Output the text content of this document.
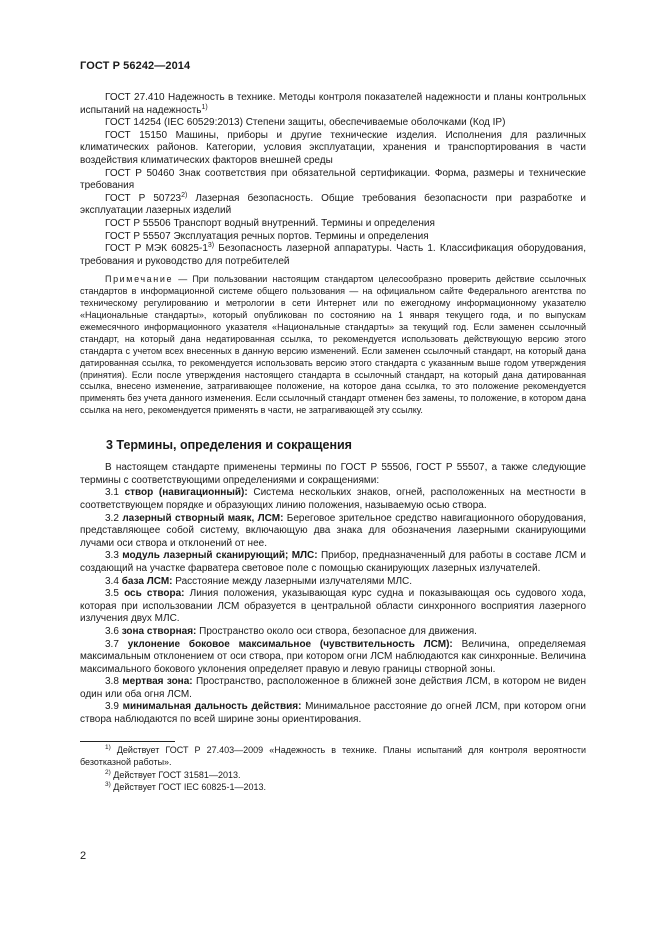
ГОСТ Р 56242—2014

ГОСТ 27.410 Надежность в технике. Методы контроля показателей надежности и планы контрольных испытаний на надежность$^{1)}$

ГОСТ 14254 (IEC 60529:2013) Степени защиты, обеспечиваемые оболочками (Код IP)

ГОСТ 15150 Машины, приборы и другие технические изделия. Исполнения для различных климатических районов. Категории, условия эксплуатации, хранения и транспортирования в части воздействия климатических факторов внешней среды

ГОСТ Р 50460 Знак соответствия при обязательной сертификации. Форма, размеры и технические требования

ГОСТ Р 50723$^{2)}$ Лазерная безопасность. Общие требования безопасности при разработке и эксплуатации лазерных изделий

ГОСТ Р 55506 Транспорт водный внутренний. Термины и определения

ГОСТ Р 55507 Эксплуатация речных портов. Термины и определения

ГОСТ Р МЭК 60825-1$^{3)}$ Безопасность лазерной аппаратуры. Часть 1. Классификация оборудования, требования и руководство для потребителей

Примечание — При пользовании настоящим стандартом целесообразно проверить действие ссылочных стандартов в информационной системе общего пользования — на официальном сайте Федерального агентства по техническому регулированию и метрологии в сети Интернет или по ежегодному информационному указателю «Национальные стандарты», который опубликован по состоянию на 1 января текущего года, и по выпускам ежемесячного информационного указателя «Национальные стандарты» за текущий год. Если заменен ссылочный стандарт, на который дана недатированная ссылка, то рекомендуется использовать действующую версию этого стандарта с учетом всех внесенных в данную версию изменений. Если заменен ссылочный стандарт, на который дана датированная ссылка, то рекомендуется использовать версию этого стандарта с указанным выше годом утверждения (принятия). Если после утверждения настоящего стандарта в ссылочный стандарт, на который дана датированная ссылка, внесено изменение, затрагивающее положение, на которое дана ссылка, то это положение рекомендуется применять без учета данного изменения. Если ссылочный стандарт отменен без замены, то положение, в котором дана ссылка на него, рекомендуется применять в части, не затрагивающей эту ссылку.

3 Термины, определения и сокращения

В настоящем стандарте применены термины по ГОСТ Р 55506, ГОСТ Р 55507, а также следующие термины с соответствующими определениями и сокращениями:

3.1 створ (навигационный): Система нескольких знаков, огней, расположенных на местности в соответствующем порядке и образующих линию положения, называемую осью створа.

3.2 лазерный створный маяк, ЛСМ: Береговое зрительное средство навигационного оборудования, представляющее собой систему, включающую два знака для обозначения лазерными сканирующими лучами оси створа и отклонений от нее.

3.3 модуль лазерный сканирующий; МЛС: Прибор, предназначенный для работы в составе ЛСМ и создающий на участке фарватера световое поле с помощью сканирующих лазерных излучателей.

3.4 база ЛСМ: Расстояние между лазерными излучателями МЛС.

3.5 ось створа: Линия положения, указывающая курс судна и показывающая ось судового хода, которая при использовании ЛСМ образуется в центральной области синхронного восприятия лазерного излучения двух МЛС.

3.6 зона створная: Пространство около оси створа, безопасное для движения.

3.7 уклонение боковое максимальное (чувствительность ЛСМ): Величина, определяемая максимальным отклонением от оси створа, при котором огни ЛСМ наблюдаются как синхронные. Величина максимального бокового уклонения определяет правую и левую границы створной зоны.

3.8 мертвая зона: Пространство, расположенное в ближней зоне действия ЛСМ, в котором не виден один или оба огня ЛСМ.

3.9 минимальная дальность действия: Минимальное расстояние до огней ЛСМ, при котором огни створа наблюдаются по всей ширине зоны ориентирования.

$^{1)}$ Действует ГОСТ Р 27.403—2009 «Надежность в технике. Планы испытаний для контроля вероятности безотказной работы».

$^{2)}$ Действует ГОСТ 31581—2013.

$^{3)}$ Действует ГОСТ IEC 60825-1—2013.

2
